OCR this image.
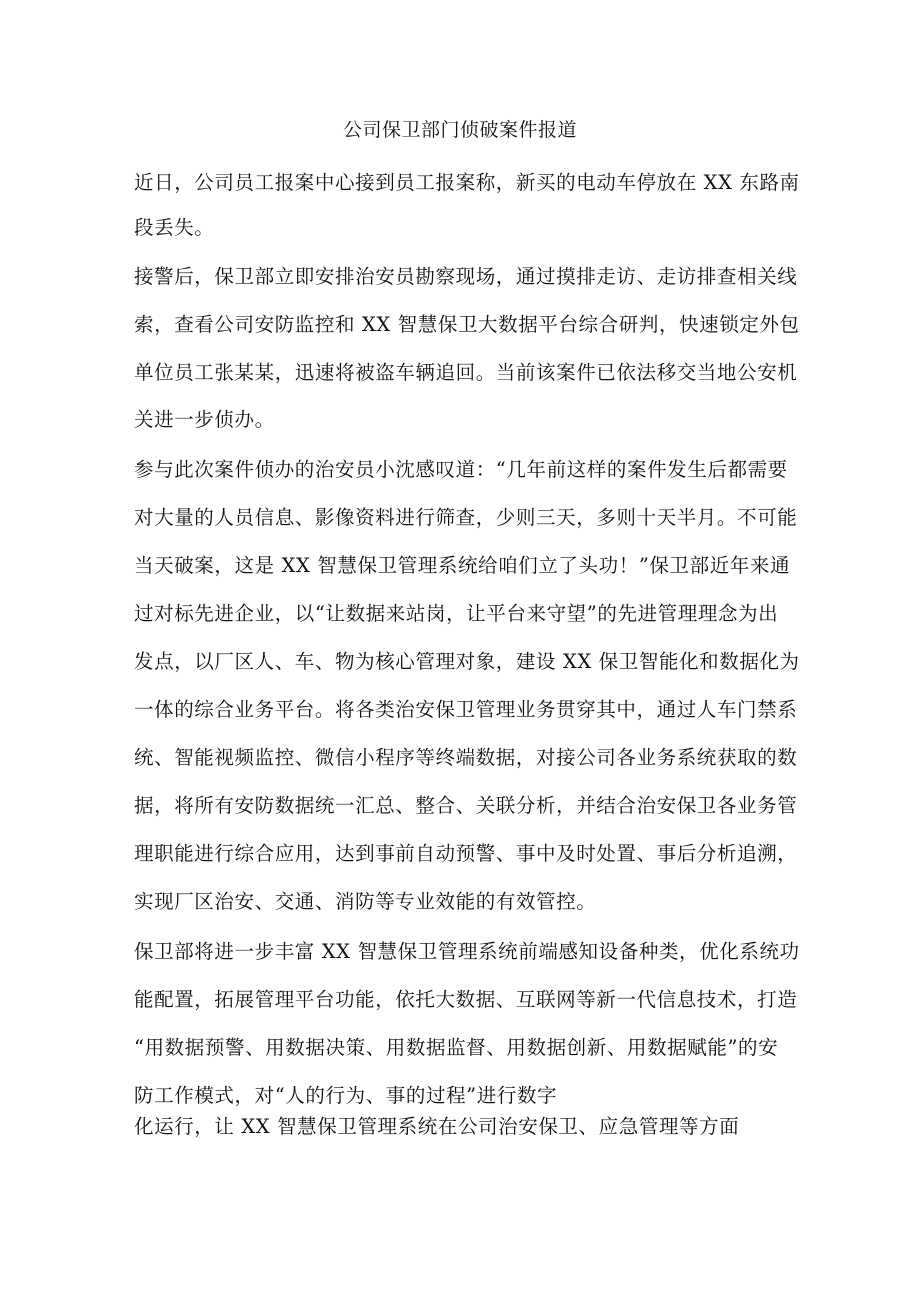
公司保卫部门侦破案件报道
近日，公司员工报案中心接到员工报案称，新买的电动车停放在 XX 东路南
段丢失。
接警后，保卫部立即安排治安员勘察现场，通过摸排走访、走访排查相关线
索，查看公司安防监控和 XX 智慧保卫大数据平台综合研判，快速锁定外包
单位员工张某某，迅速将被盗车辆追回。当前该案件已依法移交当地公安机
关进一步侦办。
参与此次案件侦办的治安员小沈感叹道：“几年前这样的案件发生后都需要
对大量的人员信息、影像资料进行筛查，少则三天，多则十天半月。不可能
当天破案，这是 XX 智慧保卫管理系统给咱们立了头功！”保卫部近年来通
过对标先进企业，以“让数据来站岗，让平台来守望”的先进管理理念为出
发点，以厂区人、车、物为核心管理对象，建设 XX 保卫智能化和数据化为
一体的综合业务平台。将各类治安保卫管理业务贯穿其中，通过人车门禁系
统、智能视频监控、微信小程序等终端数据，对接公司各业务系统获取的数
据，将所有安防数据统一汇总、整合、关联分析，并结合治安保卫各业务管
理职能进行综合应用，达到事前自动预警、事中及时处置、事后分析追溯，
实现厂区治安、交通、消防等专业效能的有效管控。
保卫部将进一步丰富 XX 智慧保卫管理系统前端感知设备种类，优化系统功
能配置，拓展管理平台功能，依托大数据、互联网等新一代信息技术，打造
“用数据预警、用数据决策、用数据监督、用数据创新、用数据赋能”的安
防工作模式，对“人的行为、事的过程”进行数字
化运行，让 XX 智慧保卫管理系统在公司治安保卫、应急管理等方面
